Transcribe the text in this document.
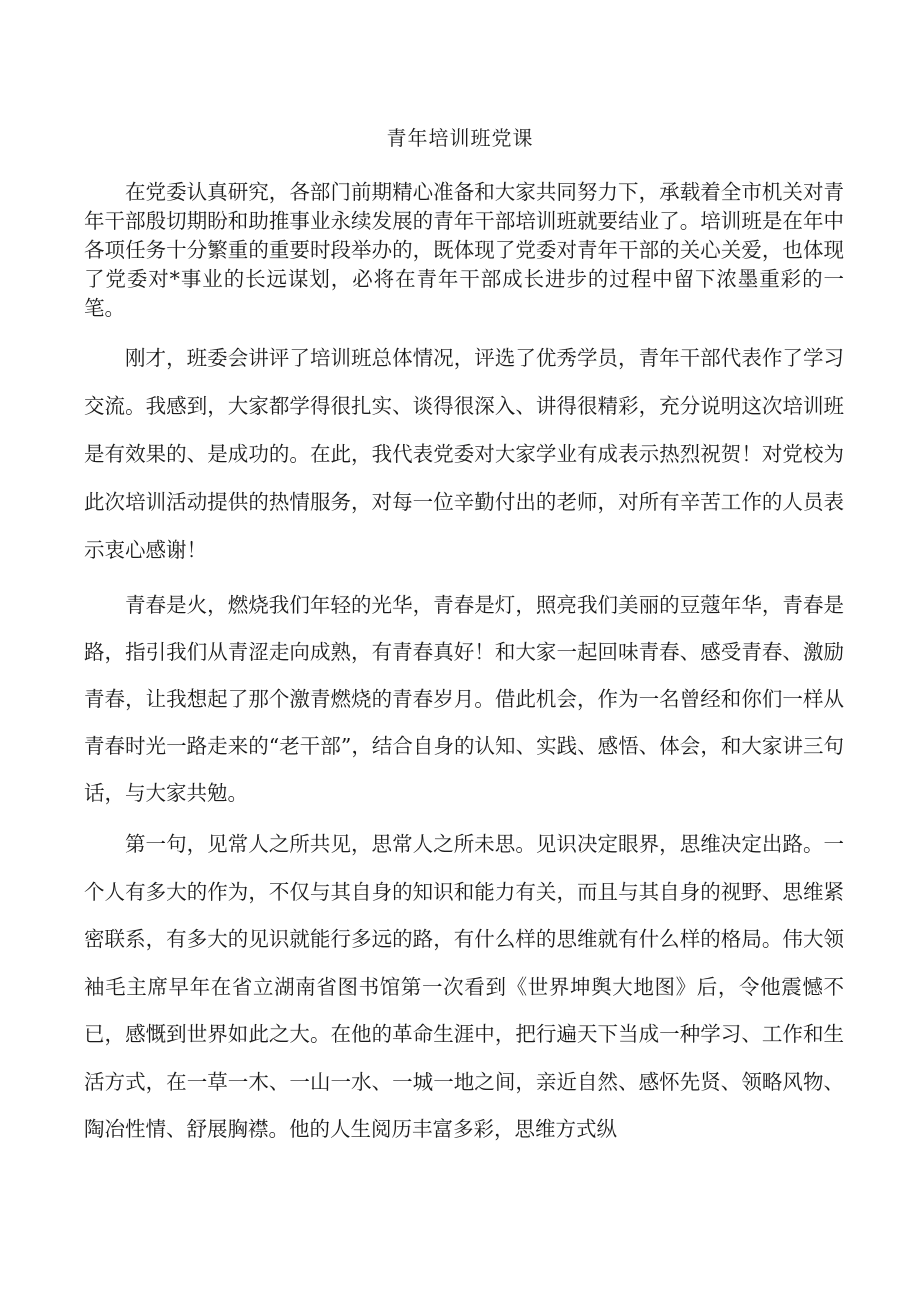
青年培训班党课

在党委认真研究，各部门前期精心准备和大家共同努力下，承载着全市机关对青年干部殷切期盼和助推事业永续发展的青年干部培训班就要结业了。培训班是在年中各项任务十分繁重的重要时段举办的，既体现了党委对青年干部的关心关爱，也体现了党委对*事业的长远谋划，必将在青年干部成长进步的过程中留下浓墨重彩的一笔。

刚才，班委会讲评了培训班总体情况，评选了优秀学员，青年干部代表作了学习交流。我感到，大家都学得很扎实、谈得很深入、讲得很精彩，充分说明这次培训班是有效果的、是成功的。在此，我代表党委对大家学业有成表示热烈祝贺！对党校为此次培训活动提供的热情服务，对每一位辛勤付出的老师，对所有辛苦工作的人员表示衷心感谢！

青春是火，燃烧我们年轻的光华，青春是灯，照亮我们美丽的豆蔻年华，青春是路，指引我们从青涩走向成熟，有青春真好！和大家一起回味青春、感受青春、激励青春，让我想起了那个激青燃烧的青春岁月。借此机会，作为一名曾经和你们一样从青春时光一路走来的“老干部”，结合自身的认知、实践、感悟、体会，和大家讲三句话，与大家共勉。

第一句，见常人之所共见，思常人之所未思。见识决定眼界，思维决定出路。一个人有多大的作为，不仅与其自身的知识和能力有关，而且与其自身的视野、思维紧密联系，有多大的见识就能行多远的路，有什么样的思维就有什么样的格局。伟大领袖毛主席早年在省立湖南省图书馆第一次看到《世界坤舆大地图》后，令他震憾不已，感慨到世界如此之大。在他的革命生涯中，把行遍天下当成一种学习、工作和生活方式，在一草一木、一山一水、一城一地之间，亲近自然、感怀先贤、领略风物、陶冶性情、舒展胸襟。他的人生阅历丰富多彩，思维方式纵
